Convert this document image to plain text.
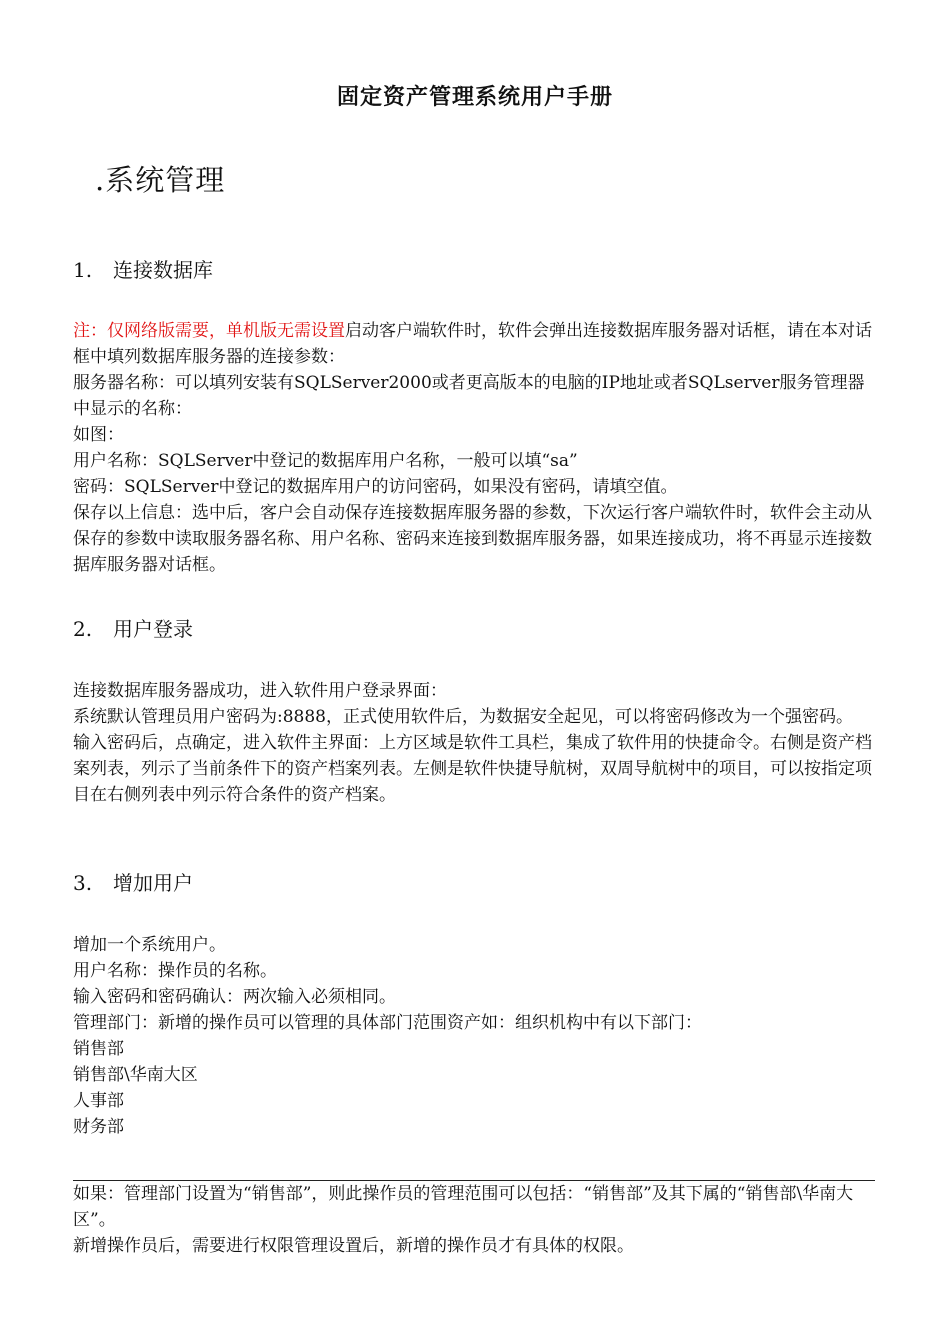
固定资产管理系统用户手册
.系统管理
1. 连接数据库

注：仅网络版需要，单机版无需设置启动客户端软件时，软件会弹出连接数据库服务器对话框，请在本对话框中填列数据库服务器的连接参数：

服务器名称：可以填列安装有SQLServer2000或者更高版本的电脑的IP地址或者SQLserver服务管理器中显示的名称：

如图：

用户名称：SQLServer中登记的数据库用户名称，一般可以填“sa”

密码：SQLServer中登记的数据库用户的访问密码，如果没有密码，请填空值。

保存以上信息：选中后，客户会自动保存连接数据库服务器的参数，下次运行客户端软件时，软件会主动从保存的参数中读取服务器名称、用户名称、密码来连接到数据库服务器，如果连接成功，将不再显示连接数据库服务器对话框。

2. 用户登录

连接数据库服务器成功，进入软件用户登录界面：

系统默认管理员用户密码为:8888，正式使用软件后，为数据安全起见，可以将密码修改为一个强密码。

输入密码后，点确定，进入软件主界面：上方区域是软件工具栏，集成了软件用的快捷命令。右侧是资产档案列表，列示了当前条件下的资产档案列表。左侧是软件快捷导航树，双周导航树中的项目，可以按指定项目在右侧列表中列示符合条件的资产档案。

3. 增加用户

增加一个系统用户。

用户名称：操作员的名称。

输入密码和密码确认：两次输入必须相同。

管理部门：新增的操作员可以管理的具体部门范围资产如：组织机构中有以下部门：

销售部

销售部\华南大区

人事部

财务部

如果：管理部门设置为“销售部”，则此操作员的管理范围可以包括：“销售部”及其下属的“销售部\华南大区”。

新增操作员后，需要进行权限管理设置后，新增的操作员才有具体的权限。
